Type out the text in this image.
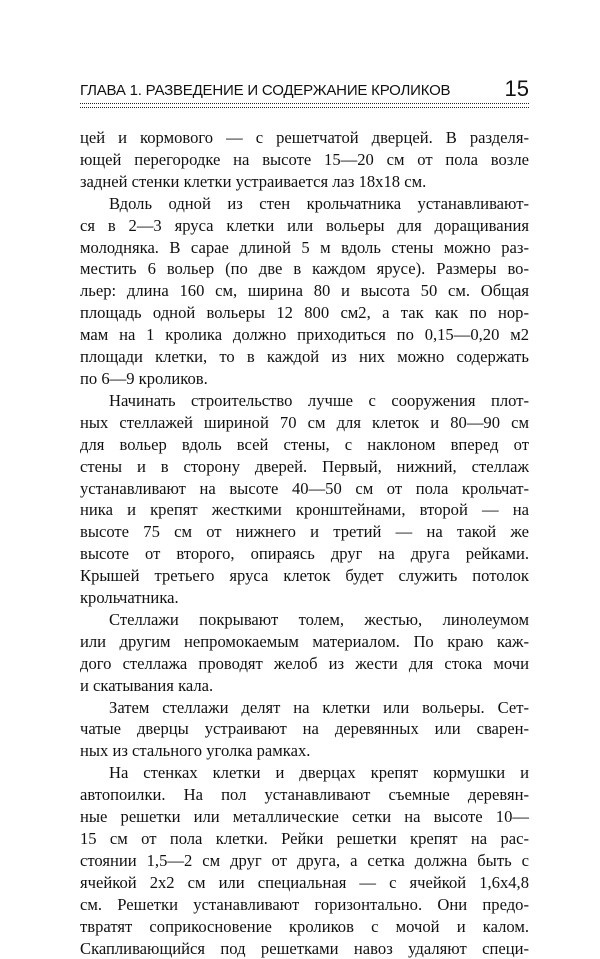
ГЛАВА 1. РАЗВЕДЕНИЕ И СОДЕРЖАНИЕ КРОЛИКОВ 15
цей и кормового — с решетчатой дверцей. В разделя-
ющей перегородке на высоте 15—20 см от пола возле
задней стенки клетки устраивается лаз 18х18 см.
Вдоль одной из стен крольчатника устанавливают-
ся в 2—3 яруса клетки или вольеры для доращивания
молодняка. В сарае длиной 5 м вдоль стены можно раз-
местить 6 вольер (по две в каждом ярусе). Размеры во-
льер: длина 160 см, ширина 80 и высота 50 см. Общая
площадь одной вольеры 12 800 см2, а так как по нор-
мам на 1 кролика должно приходиться по 0,15—0,20 м2
площади клетки, то в каждой из них можно содержать
по 6—9 кроликов.
Начинать строительство лучше с сооружения плот-
ных стеллажей шириной 70 см для клеток и 80—90 см
для вольер вдоль всей стены, с наклоном вперед от
стены и в сторону дверей. Первый, нижний, стеллаж
устанавливают на высоте 40—50 см от пола крольчат-
ника и крепят жесткими кронштейнами, второй — на
высоте 75 см от нижнего и третий — на такой же
высоте от второго, опираясь друг на друга рейками.
Крышей третьего яруса клеток будет служить потолок
крольчатника.
Стеллажи покрывают толем, жестью, линолеумом
или другим непромокаемым материалом. По краю каж-
дого стеллажа проводят желоб из жести для стока мочи
и скатывания кала.
Затем стеллажи делят на клетки или вольеры. Сет-
чатые дверцы устраивают на деревянных или сварен-
ных из стального уголка рамках.
На стенках клетки и дверцах крепят кормушки и
автопоилки. На пол устанавливают съемные деревян-
ные решетки или металлические сетки на высоте 10—
15 см от пола клетки. Рейки решетки крепят на рас-
стоянии 1,5—2 см друг от друга, а сетка должна быть с
ячейкой 2х2 см или специальная — с ячейкой 1,6х4,8
см. Решетки устанавливают горизонтально. Они предо-
твратят соприкосновение кроликов с мочой и калом.
Скапливающийся под решетками навоз удаляют специ-
